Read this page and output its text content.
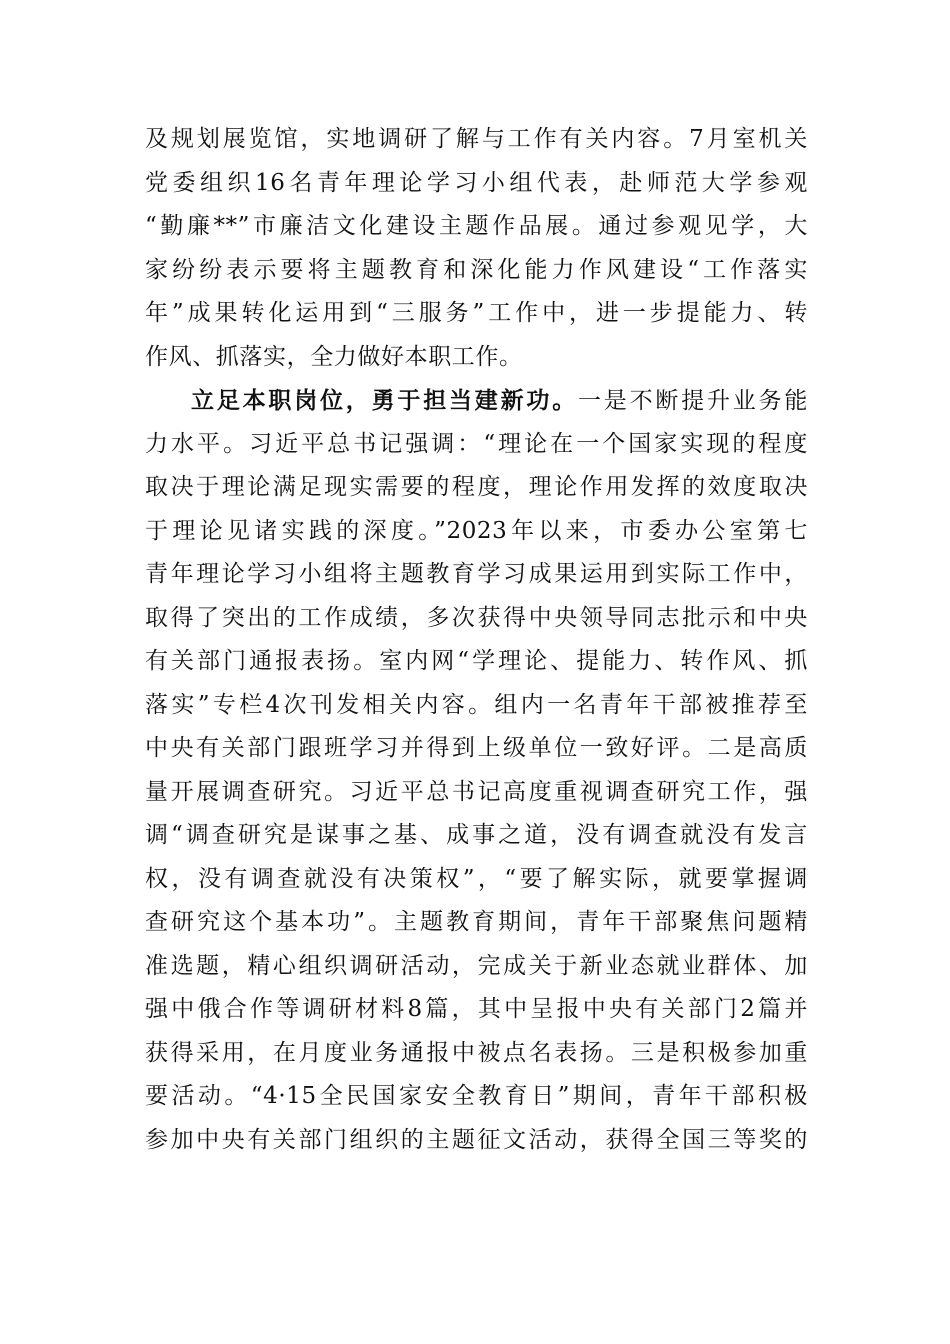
及规划展览馆，实地调研了解与工作有关内容。7月室机关
党委组织16名青年理论学习小组代表，赴师范大学参观
“勤廉**”市廉洁文化建设主题作品展。通过参观见学，大
家纷纷表示要将主题教育和深化能力作风建设“工作落实
年”成果转化运用到“三服务”工作中，进一步提能力、转
作风、抓落实，全力做好本职工作。
立足本职岗位，勇于担当建新功。一是不断提升业务能
力水平。习近平总书记强调：“理论在一个国家实现的程度
取决于理论满足现实需要的程度，理论作用发挥的效度取决
于理论见诸实践的深度。”2023年以来，市委办公室第七
青年理论学习小组将主题教育学习成果运用到实际工作中，
取得了突出的工作成绩，多次获得中央领导同志批示和中央
有关部门通报表扬。室内网“学理论、提能力、转作风、抓
落实”专栏4次刊发相关内容。组内一名青年干部被推荐至
中央有关部门跟班学习并得到上级单位一致好评。二是高质
量开展调查研究。习近平总书记高度重视调查研究工作，强
调“调查研究是谋事之基、成事之道，没有调查就没有发言
权，没有调查就没有决策权”，“要了解实际，就要掌握调
查研究这个基本功”。主题教育期间，青年干部聚焦问题精
准选题，精心组织调研活动，完成关于新业态就业群体、加
强中俄合作等调研材料8篇，其中呈报中央有关部门2篇并
获得采用，在月度业务通报中被点名表扬。三是积极参加重
要活动。“4·15全民国家安全教育日”期间，青年干部积极
参加中央有关部门组织的主题征文活动，获得全国三等奖的
